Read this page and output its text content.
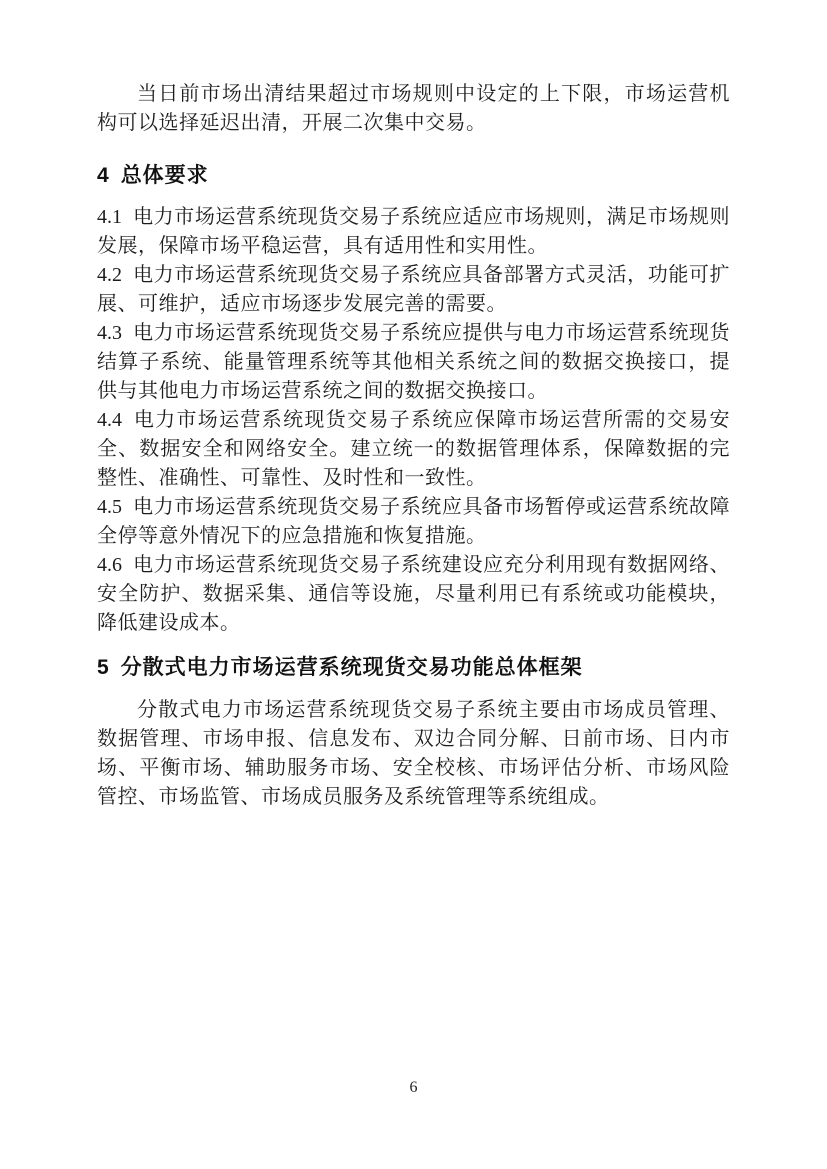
当日前市场出清结果超过市场规则中设定的上下限，市场运营机构可以选择延迟出清，开展二次集中交易。

4 总体要求

4.1 电力市场运营系统现货交易子系统应适应市场规则，满足市场规则发展，保障市场平稳运营，具有适用性和实用性。

4.2 电力市场运营系统现货交易子系统应具备部署方式灵活，功能可扩展、可维护，适应市场逐步发展完善的需要。

4.3 电力市场运营系统现货交易子系统应提供与电力市场运营系统现货结算子系统、能量管理系统等其他相关系统之间的数据交换接口，提供与其他电力市场运营系统之间的数据交换接口。

4.4 电力市场运营系统现货交易子系统应保障市场运营所需的交易安全、数据安全和网络安全。建立统一的数据管理体系，保障数据的完整性、准确性、可靠性、及时性和一致性。

4.5 电力市场运营系统现货交易子系统应具备市场暂停或运营系统故障全停等意外情况下的应急措施和恢复措施。

4.6 电力市场运营系统现货交易子系统建设应充分利用现有数据网络、安全防护、数据采集、通信等设施，尽量利用已有系统或功能模块，降低建设成本。

5 分散式电力市场运营系统现货交易功能总体框架

分散式电力市场运营系统现货交易子系统主要由市场成员管理、数据管理、市场申报、信息发布、双边合同分解、日前市场、日内市场、平衡市场、辅助服务市场、安全校核、市场评估分析、市场风险管控、市场监管、市场成员服务及系统管理等系统组成。

6
